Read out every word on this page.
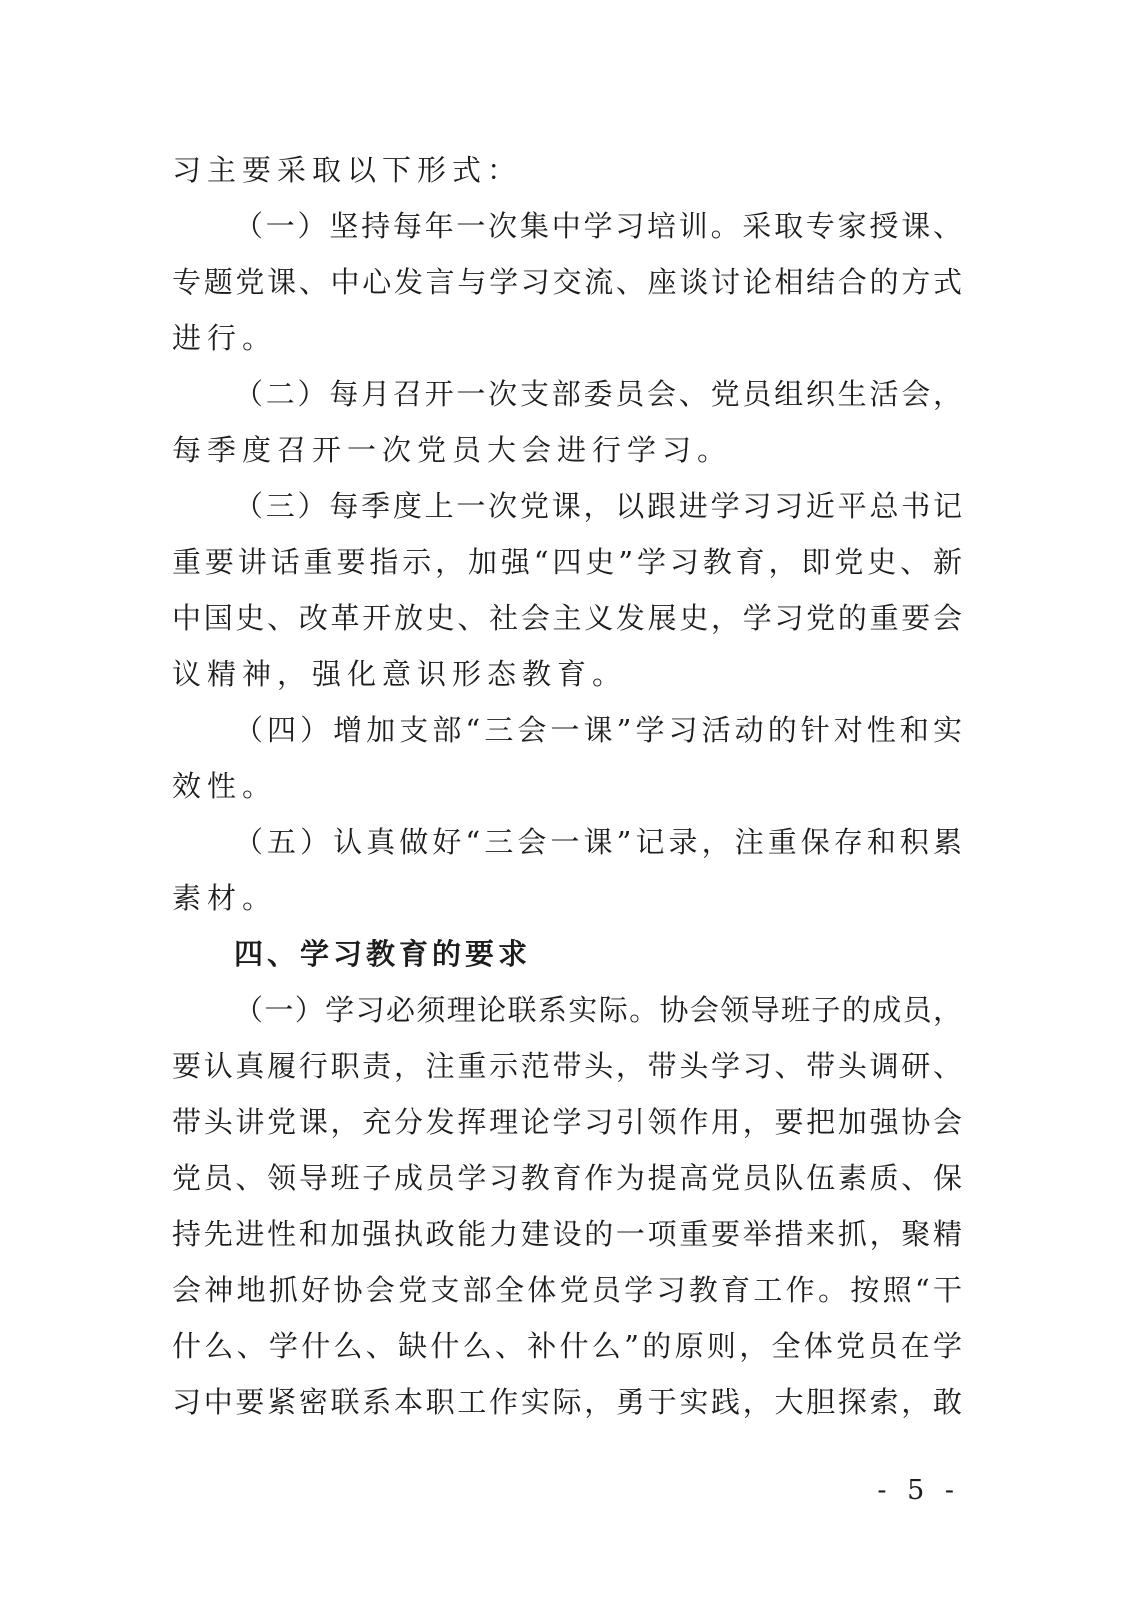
习主要采取以下形式：
（一）坚持每年一次集中学习培训。采取专家授课、
专题党课、中心发言与学习交流、座谈讨论相结合的方式
进行。
（二）每月召开一次支部委员会、党员组织生活会，
每季度召开一次党员大会进行学习。
（三）每季度上一次党课，以跟进学习习近平总书记
重要讲话重要指示，加强“四史”学习教育，即党史、新
中国史、改革开放史、社会主义发展史，学习党的重要会
议精神，强化意识形态教育。
（四）增加支部“三会一课”学习活动的针对性和实
效性。
（五）认真做好“三会一课”记录，注重保存和积累
素材。
四、学习教育的要求
（一）学习必须理论联系实际。协会领导班子的成员，
要认真履行职责，注重示范带头，带头学习、带头调研、
带头讲党课，充分发挥理论学习引领作用，要把加强协会
党员、领导班子成员学习教育作为提高党员队伍素质、保
持先进性和加强执政能力建设的一项重要举措来抓，聚精
会神地抓好协会党支部全体党员学习教育工作。按照“干
什么、学什么、缺什么、补什么”的原则，全体党员在学
习中要紧密联系本职工作实际，勇于实践，大胆探索，敢
- 5 -
